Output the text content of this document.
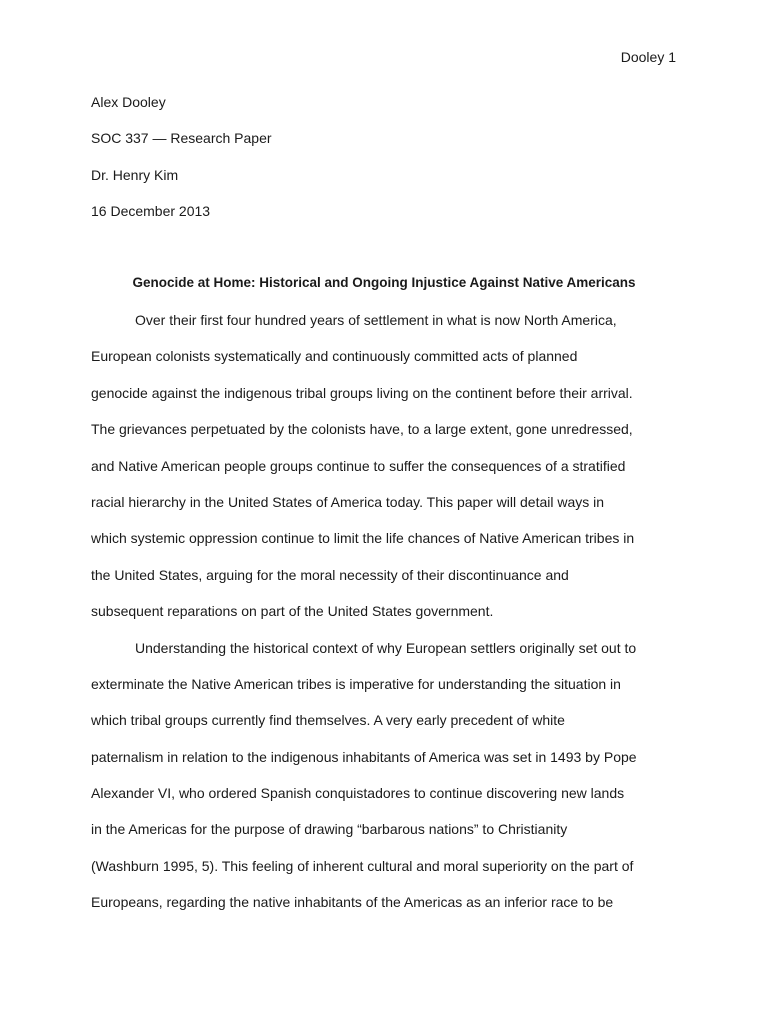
Dooley 1
Alex Dooley
SOC 337 — Research Paper
Dr. Henry Kim
16 December 2013
Genocide at Home: Historical and Ongoing Injustice Against Native Americans
Over their first four hundred years of settlement in what is now North America,
European colonists systematically and continuously committed acts of planned
genocide against the indigenous tribal groups living on the continent before their arrival.
The grievances perpetuated by the colonists have, to a large extent, gone unredressed,
and Native American people groups continue to suffer the consequences of a stratified
racial hierarchy in the United States of America today. This paper will detail ways in
which systemic oppression continue to limit the life chances of Native American tribes in
the United States, arguing for the moral necessity of their discontinuance and
subsequent reparations on part of the United States government.
Understanding the historical context of why European settlers originally set out to
exterminate the Native American tribes is imperative for understanding the situation in
which tribal groups currently find themselves. A very early precedent of white
paternalism in relation to the indigenous inhabitants of America was set in 1493 by Pope
Alexander VI, who ordered Spanish conquistadores to continue discovering new lands
in the Americas for the purpose of drawing “barbarous nations” to Christianity
(Washburn 1995, 5). This feeling of inherent cultural and moral superiority on the part of
Europeans, regarding the native inhabitants of the Americas as an inferior race to be
